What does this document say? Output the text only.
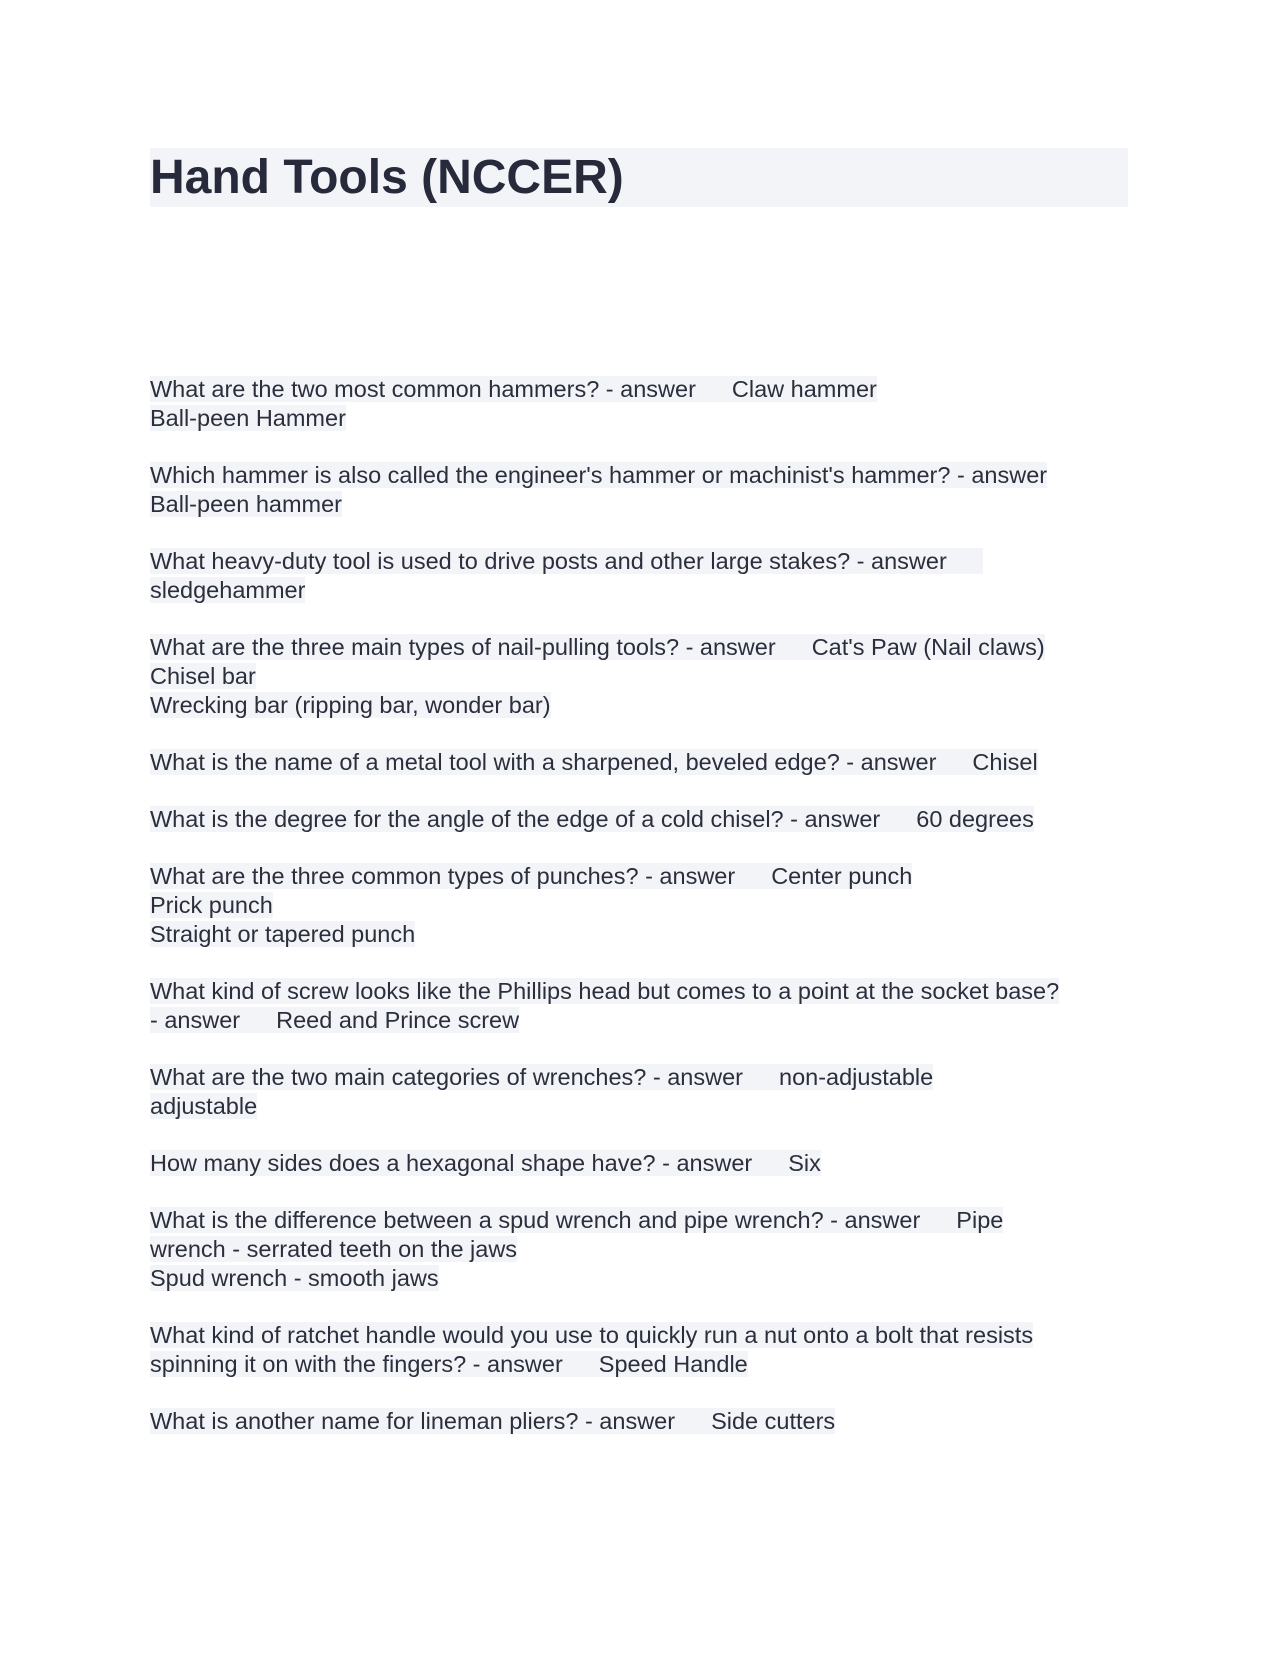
Hand Tools (NCCER)
What are the two most common hammers? - answer Claw hammer
Ball-peen Hammer
Which hammer is also called the engineer's hammer or machinist's hammer? - answer
Ball-peen hammer
What heavy-duty tool is used to drive posts and other large stakes? - answer
sledgehammer
What are the three main types of nail-pulling tools? - answer Cat's Paw (Nail claws)
Chisel bar
Wrecking bar (ripping bar, wonder bar)
What is the name of a metal tool with a sharpened, beveled edge? - answer Chisel
What is the degree for the angle of the edge of a cold chisel? - answer 60 degrees
What are the three common types of punches? - answer Center punch
Prick punch
Straight or tapered punch
What kind of screw looks like the Phillips head but comes to a point at the socket base?
- answer Reed and Prince screw
What are the two main categories of wrenches? - answer non-adjustable
adjustable
How many sides does a hexagonal shape have? - answer Six
What is the difference between a spud wrench and pipe wrench? - answer Pipe
wrench - serrated teeth on the jaws
Spud wrench - smooth jaws
What kind of ratchet handle would you use to quickly run a nut onto a bolt that resists
spinning it on with the fingers? - answer Speed Handle
What is another name for lineman pliers? - answer Side cutters
